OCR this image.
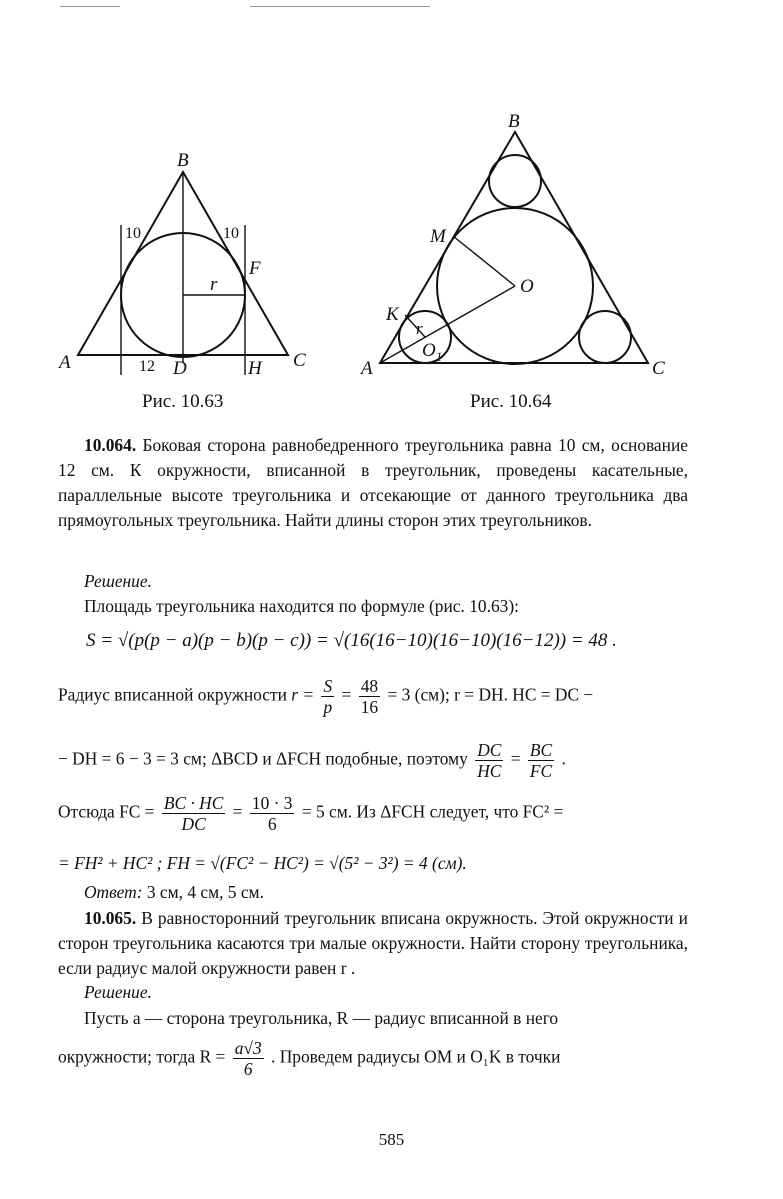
B
A	C
D	H
F
r
10	10
12
Рис. 10.63
B
A	C
M
O
K
r
$O_1$
Рис. 10.64
10.064. Боковая сторона равнобедренного треугольника равна 10 см, основание 12 см. К окружности, вписанной в треугольник, проведены касательные, параллельные высоте треугольника и отсекающие от данного треугольника два прямоугольных треугольника. Найти длины сторон этих треугольников.
Решение.
Площадь треугольника находится по формуле (рис. 10.63):
S = √(p(p − a)(p − b)(p − c)) = √(16(16−10)(16−10)(16−12)) = 48 .
Радиус вписанной окружности $r = \frac{S}{p} = \frac{48}{16} = 3$ (см); r = DH. HC = DC −
− DH = 6 − 3 = 3 см; ΔBCD и ΔFCH подобные, поэтому $\frac{DC}{HC} = \frac{BC}{FC}$ .
Отсюда FC = $\frac{BC \cdot HC}{DC} = \frac{10 \cdot 3}{6} = 5$ см. Из ΔFCH следует, что FC² =
= FH² + HC² ; FH = √(FC² − HC²) = √(5² − 3²) = 4 (см).
Ответ: 3 см, 4 см, 5 см.
10.065. В равносторонний треугольник вписана окружность. Этой окружности и сторон треугольника касаются три малые окружности. Найти сторону треугольника, если радиус малой окружности равен r .
Решение.
Пусть a — сторона треугольника, R — радиус вписанной в него
окружности; тогда $R = \frac{a√3}{6}$ . Проведем радиусы OM и O₁K в точки
585
